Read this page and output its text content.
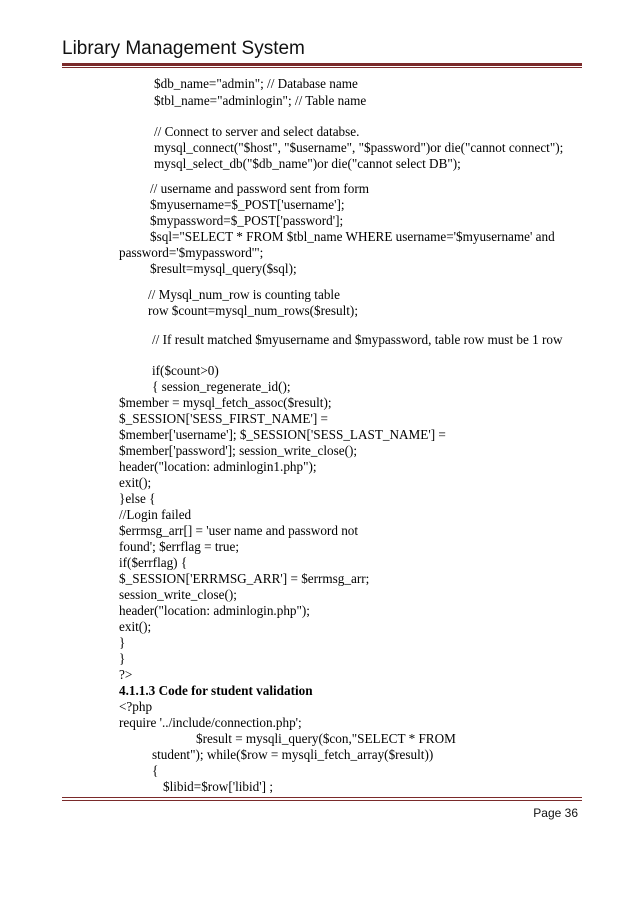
Library Management System
$db_name="admin"; // Database name
$tbl_name="adminlogin"; // Table name
// Connect to server and select databse.
mysql_connect("$host", "$username", "$password")or die("cannot connect");
mysql_select_db("$db_name")or die("cannot select DB");
// username and password sent from form
$myusername=$_POST['username'];
$mypassword=$_POST['password'];
$sql="SELECT * FROM $tbl_name WHERE username='$myusername' and
password='$mypassword'";
$result=mysql_query($sql);
// Mysql_num_row is counting table
row $count=mysql_num_rows($result);
// If result matched $myusername and $mypassword, table row must be 1 row
if($count>0)
{ session_regenerate_id();
$member = mysql_fetch_assoc($result);
$_SESSION['SESS_FIRST_NAME'] =
$member['username']; $_SESSION['SESS_LAST_NAME'] =
$member['password']; session_write_close();
header("location: adminlogin1.php");
exit();
}else {
//Login failed
$errmsg_arr[] = 'user name and password not
found'; $errflag = true;
if($errflag) {
$_SESSION['ERRMSG_ARR'] = $errmsg_arr;
session_write_close();
header("location: adminlogin.php");
exit();
}
}
?>
4.1.1.3 Code for student validation
<?php
require '../include/connection.php';
$result = mysqli_query($con,"SELECT * FROM
student"); while($row = mysqli_fetch_array($result))
{
$libid=$row['libid'] ;
Page 36
